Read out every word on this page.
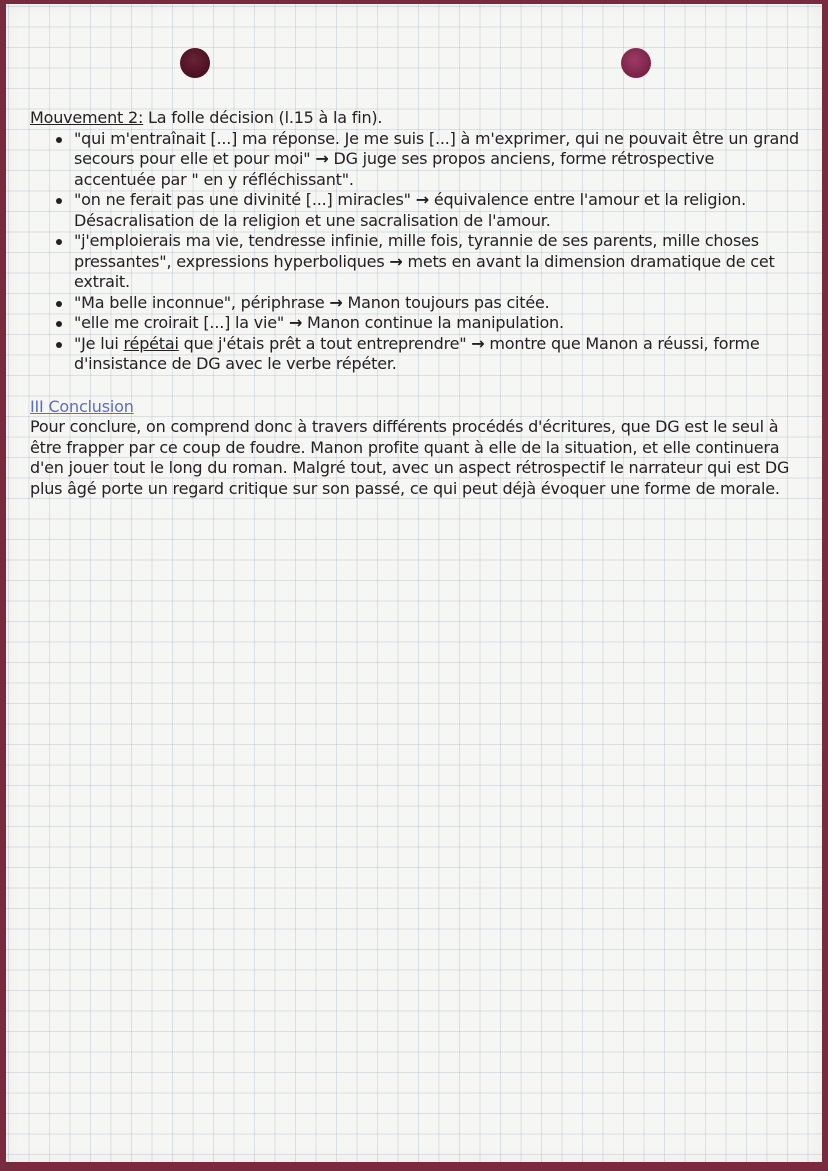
Mouvement 2: La folle décision (l.15 à la fin).
"qui m'entraînait [...] ma réponse. Je me suis [...] à m'exprimer, qui ne pouvait être un grand secours pour elle et pour moi" → DG juge ses propos anciens, forme rétrospective accentuée par " en y réfléchissant".
"on ne ferait pas une divinité [...] miracles" → équivalence entre l'amour et la religion. Désacralisation de la religion et une sacralisation de l'amour.
"j'emploierais ma vie, tendresse infinie, mille fois, tyrannie de ses parents, mille choses pressantes", expressions hyperboliques → mets en avant la dimension dramatique de cet extrait.
"Ma belle inconnue", périphrase → Manon toujours pas citée.
"elle me croirait [...] la vie" → Manon continue la manipulation.
"Je lui répétai que j'étais prêt a tout entreprendre" → montre que Manon a réussi, forme d'insistance de DG avec le verbe répéter.
III Conclusion
Pour conclure, on comprend donc à travers différents procédés d'écritures, que DG est le seul à être frapper par ce coup de foudre. Manon profite quant à elle de la situation, et elle continuera d'en jouer tout le long du roman. Malgré tout, avec un aspect rétrospectif le narrateur qui est DG plus âgé porte un regard critique sur son passé, ce qui peut déjà évoquer une forme de morale.
